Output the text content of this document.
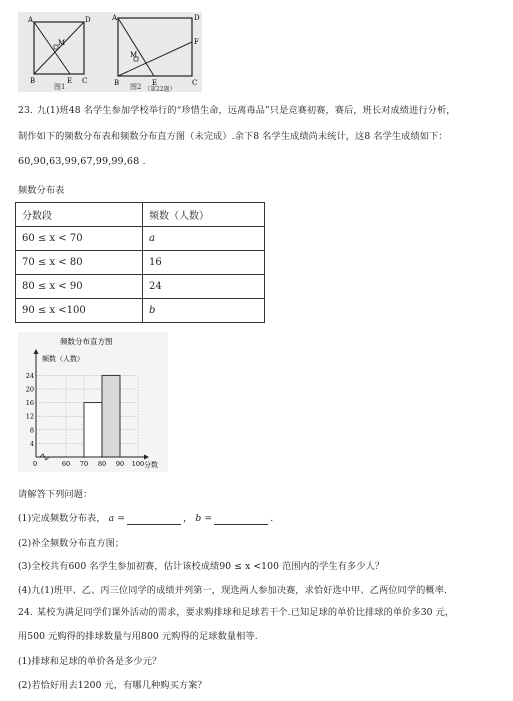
A	D
M
B	E C
图1
A	D
F
M
B	E	C
图2 （第22题）
23. 九(1)班48 名学生参加学校举行的“珍惜生命，远离毒品”只是竞赛初赛，赛后，班长对成绩进行分析，
制作如下的频数分布表和频数分布直方图（未完成）.余下8 名学生成绩尚未统计，这8 名学生成绩如下：
60,90,63,99,67,99,99,68 .
频数分布表
分数段	频数（人数）
60 ≤ x < 70	a
70 ≤ x < 80	16
80 ≤ x < 90	24
90 ≤ x <100	b
频数分布直方图
频数（人数）
分数
4
8
12
16
20
24
60 70 80 90 100
0
请解答下列问题：
(1)完成频数分布表， a =	， b =	.
(2)补全频数分布直方图；
(3)全校共有600 名学生参加初赛，估计该校成绩90 ≤ x <100 范围内的学生有多少人？
(4)九(1)班甲、乙、丙三位同学的成绩并列第一，现选两人参加决赛，求恰好选中甲、乙两位同学的概率.
24. 某校为满足同学们课外活动的需求，要求购排球和足球若干个.已知足球的单价比排球的单价多30 元，
用500 元购得的排球数量与用800 元购得的足球数量相等.
(1)排球和足球的单价各是多少元？
(2)若恰好用去1200 元，有哪几种购买方案？
